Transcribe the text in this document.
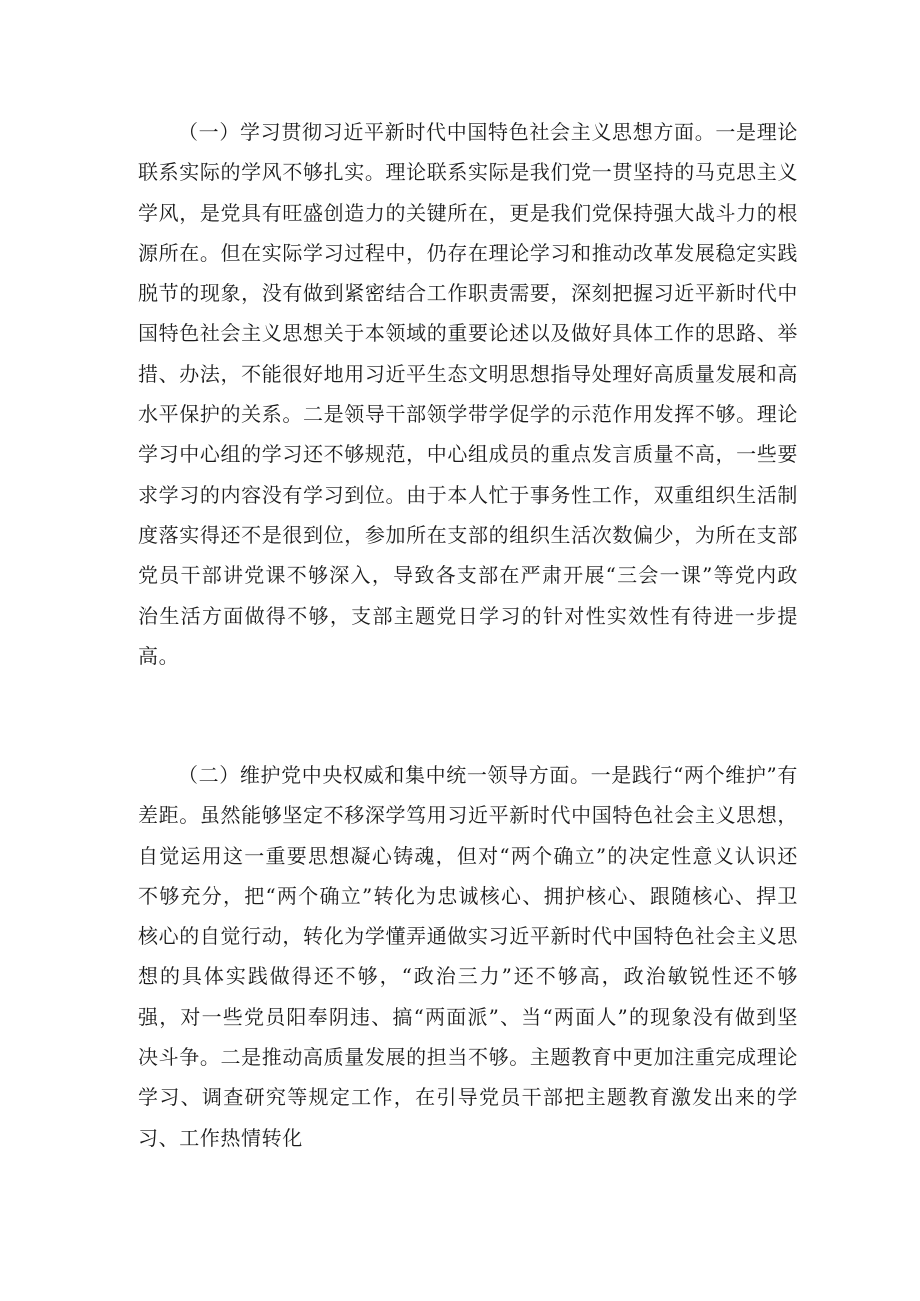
（一）学习贯彻习近平新时代中国特色社会主义思想方面。一是理论联系实际的学风不够扎实。理论联系实际是我们党一贯坚持的马克思主义学风，是党具有旺盛创造力的关键所在，更是我们党保持强大战斗力的根源所在。但在实际学习过程中，仍存在理论学习和推动改革发展稳定实践脱节的现象，没有做到紧密结合工作职责需要，深刻把握习近平新时代中国特色社会主义思想关于本领域的重要论述以及做好具体工作的思路、举措、办法，不能很好地用习近平生态文明思想指导处理好高质量发展和高水平保护的关系。二是领导干部领学带学促学的示范作用发挥不够。理论学习中心组的学习还不够规范，中心组成员的重点发言质量不高，一些要求学习的内容没有学习到位。由于本人忙于事务性工作，双重组织生活制度落实得还不是很到位，参加所在支部的组织生活次数偏少，为所在支部党员干部讲党课不够深入，导致各支部在严肃开展“三会一课”等党内政治生活方面做得不够，支部主题党日学习的针对性实效性有待进一步提高。

（二）维护党中央权威和集中统一领导方面。一是践行“两个维护”有差距。虽然能够坚定不移深学笃用习近平新时代中国特色社会主义思想，自觉运用这一重要思想凝心铸魂，但对“两个确立”的决定性意义认识还不够充分，把“两个确立”转化为忠诚核心、拥护核心、跟随核心、捍卫核心的自觉行动，转化为学懂弄通做实习近平新时代中国特色社会主义思想的具体实践做得还不够，“政治三力”还不够高，政治敏锐性还不够强，对一些党员阳奉阴违、搞“两面派”、当“两面人”的现象没有做到坚决斗争。二是推动高质量发展的担当不够。主题教育中更加注重完成理论学习、调查研究等规定工作，在引导党员干部把主题教育激发出来的学习、工作热情转化
